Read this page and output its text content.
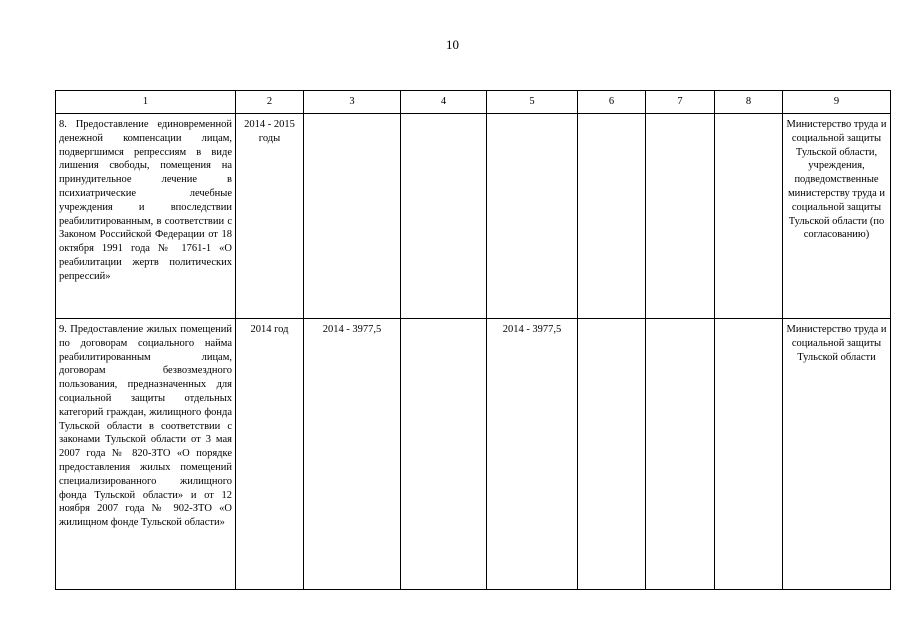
10
1	2	3	4	5	6	7	8	9
8. Предоставление единовременной денежной компенсации лицам, подвергшимся репрессиям в виде лишения свободы, помещения на принудительное лечение в психиатрические лечебные учреждения и впоследствии реабилитированным, в соответствии с Законом Российской Федерации от 18 октября 1991 года № 1761-1 «О реабилитации жертв политических репрессий»	2014 - 2015 годы							Министерство труда и социальной защиты Тульской области, учреждения, подведомственные министерству труда и социальной защиты Тульской области (по согласованию)
9. Предоставление жилых помещений по договорам социального найма реабилитированным лицам, договорам безвозмездного пользования, предназначенных для социальной защиты отдельных категорий граждан, жилищного фонда Тульской области в соответствии с законами Тульской области от 3 мая 2007 года № 820-ЗТО «О порядке предоставления жилых помещений специализированного жилищного фонда Тульской области» и от 12 ноября 2007 года № 902-ЗТО «О жилищном фонде Тульской области»	2014 год	2014 - 3977,5		2014 - 3977,5				Министерство труда и социальной защиты Тульской области
